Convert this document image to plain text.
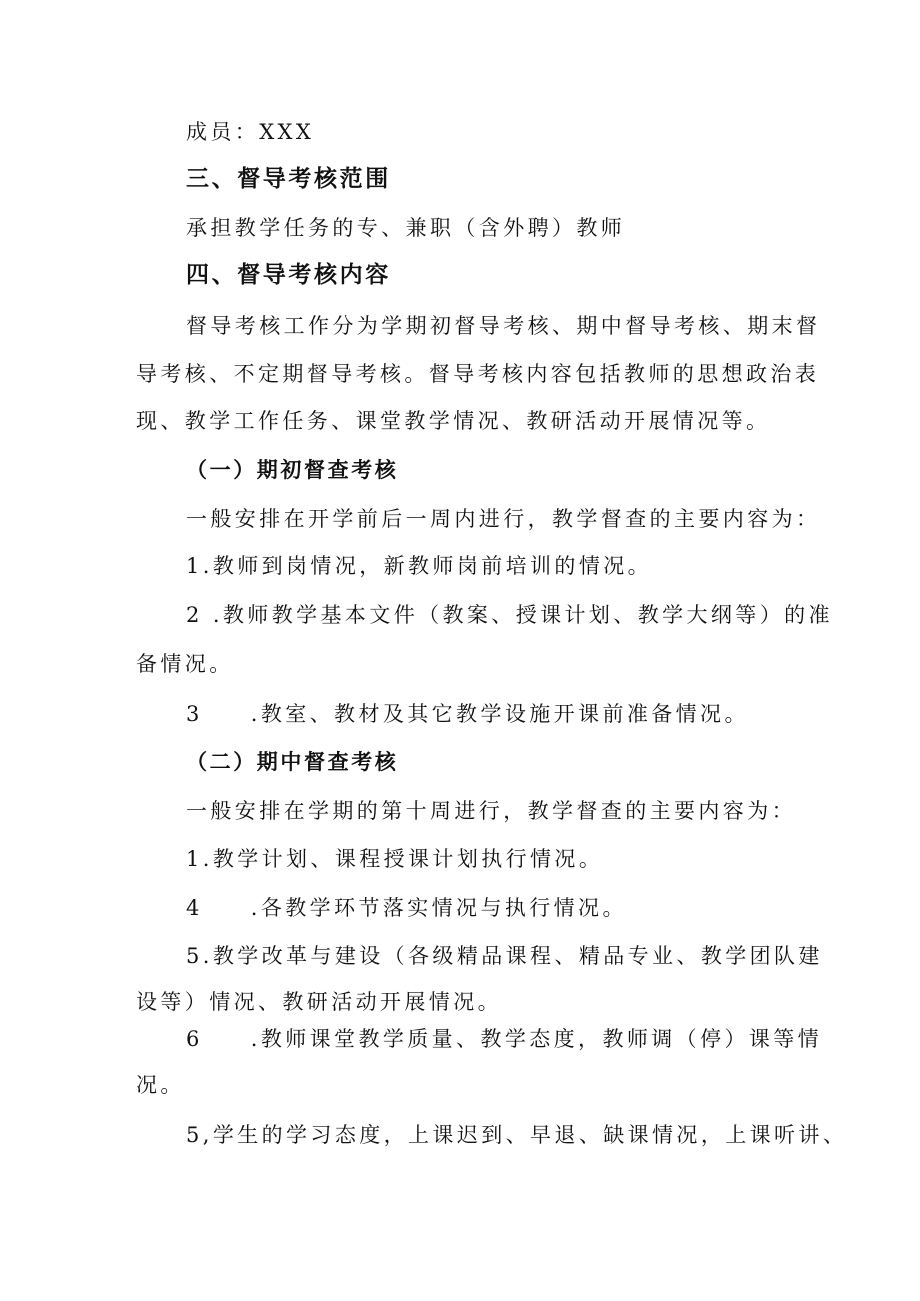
成员：XXX

三、督导考核范围

承担教学任务的专、兼职（含外聘）教师

四、督导考核内容

督导考核工作分为学期初督导考核、期中督导考核、期末督

导考核、不定期督导考核。督导考核内容包括教师的思想政治表

现、教学工作任务、课堂教学情况、教研活动开展情况等。

（一）期初督查考核

一般安排在开学前后一周内进行，教学督查的主要内容为：

1.教师到岗情况，新教师岗前培训的情况。

2 .教师教学基本文件（教案、授课计划、教学大纲等）的准

备情况。

3 .教室、教材及其它教学设施开课前准备情况。

（二）期中督查考核

一般安排在学期的第十周进行，教学督查的主要内容为：

1.教学计划、课程授课计划执行情况。

4 .各教学环节落实情况与执行情况。

5.教学改革与建设（各级精品课程、精品专业、教学团队建

设等）情况、教研活动开展情况。

6 .教师课堂教学质量、教学态度，教师调（停）课等情

况。

5,学生的学习态度，上课迟到、早退、缺课情况，上课听讲、
